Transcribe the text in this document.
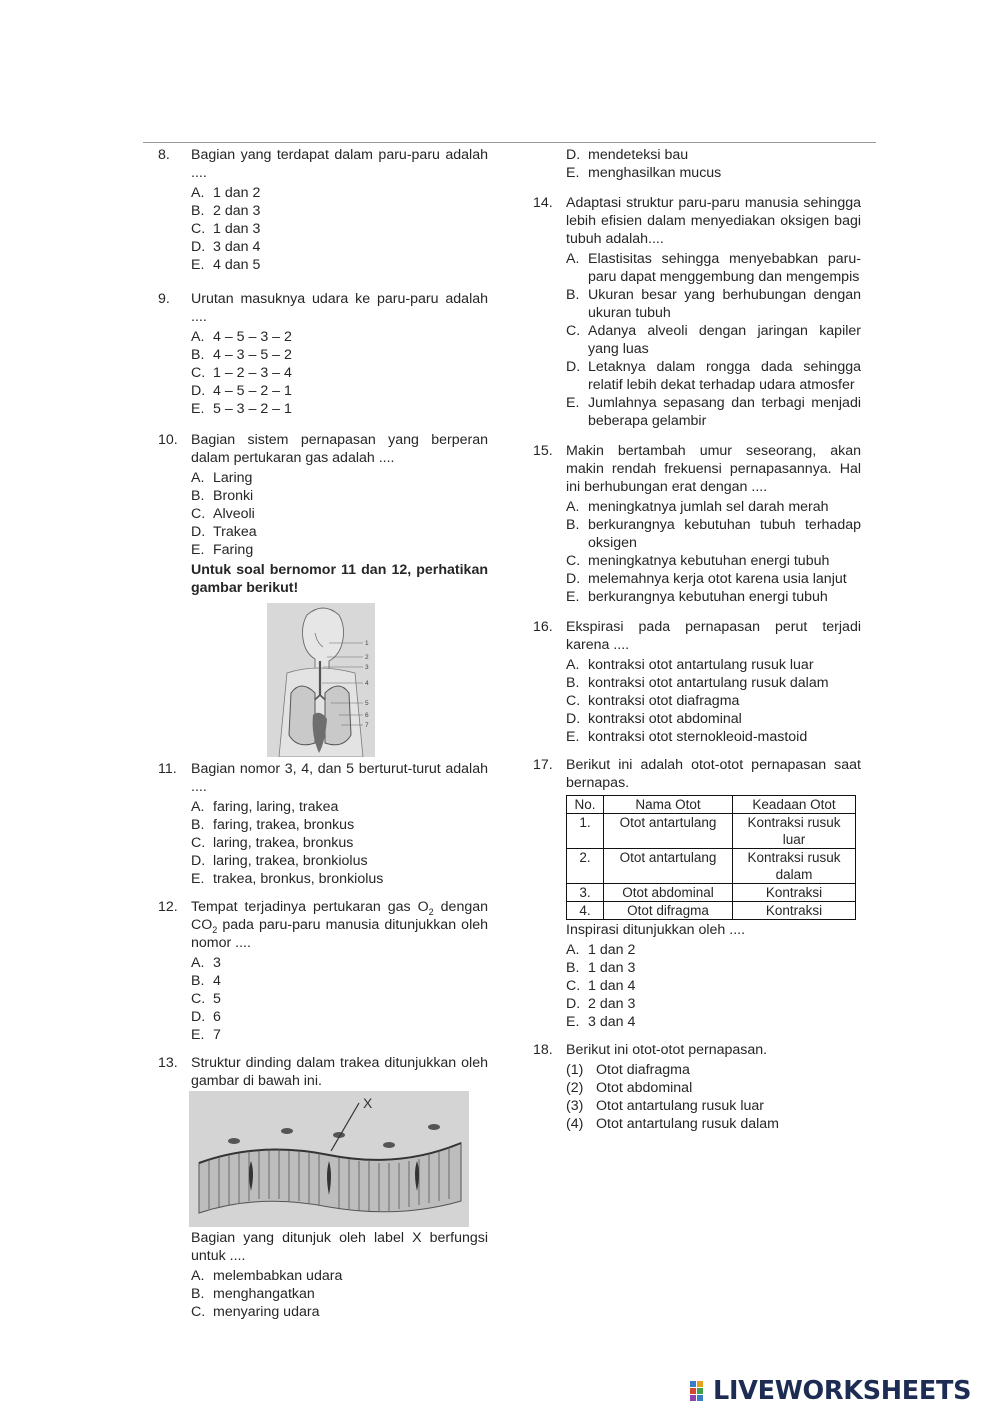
8. Bagian yang terdapat dalam paru-paru adalah ....
A. 1 dan 2
B. 2 dan 3
C. 1 dan 3
D. 3 dan 4
E. 4 dan 5
9. Urutan masuknya udara ke paru-paru adalah ....
A. 4 – 5 – 3 – 2
B. 4 – 3 – 5 – 2
C. 1 – 2 – 3 – 4
D. 4 – 5 – 2 – 1
E. 5 – 3 – 2 – 1
10. Bagian sistem pernapasan yang berperan dalam pertukaran gas adalah ....
A. Laring
B. Bronki
C. Alveoli
D. Trakea
E. Faring
Untuk soal bernomor 11 dan 12, perhatikan gambar berikut!
1
2
3
4
5
6
7
11. Bagian nomor 3, 4, dan 5 berturut-turut adalah ....
A. faring, laring, trakea
B. faring, trakea, bronkus
C. laring, trakea, bronkus
D. laring, trakea, bronkiolus
E. trakea, bronkus, bronkiolus
12. Tempat terjadinya pertukaran gas $O_2$ dengan $CO_2$ pada paru-paru manusia ditunjukkan oleh nomor ....
A. 3
B. 4
C. 5
D. 6
E. 7
13. Struktur dinding dalam trakea ditunjukkan oleh gambar di bawah ini.
X
Bagian yang ditunjuk oleh label X berfungsi untuk ....
A. melembabkan udara
B. menghangatkan
C. menyaring udara
D. mendeteksi bau
E. menghasilkan mucus
14. Adaptasi struktur paru-paru manusia sehingga lebih efisien dalam menyediakan oksigen bagi tubuh adalah....
A. Elastisitas sehingga menyebabkan paru-paru dapat menggembung dan mengempis
B. Ukuran besar yang berhubungan dengan ukuran tubuh
C. Adanya alveoli dengan jaringan kapiler yang luas
D. Letaknya dalam rongga dada sehingga relatif lebih dekat terhadap udara atmosfer
E. Jumlahnya sepasang dan terbagi menjadi beberapa gelambir
15. Makin bertambah umur seseorang, akan makin rendah frekuensi pernapasannya. Hal ini berhubungan erat dengan ....
A. meningkatnya jumlah sel darah merah
B. berkurangnya kebutuhan tubuh terhadap oksigen
C. meningkatnya kebutuhan energi tubuh
D. melemahnya kerja otot karena usia lanjut
E. berkurangnya kebutuhan energi tubuh
16. Ekspirasi pada pernapasan perut terjadi karena ....
A. kontraksi otot antartulang rusuk luar
B. kontraksi otot antartulang rusuk dalam
C. kontraksi otot diafragma
D. kontraksi otot abdominal
E. kontraksi otot sternokleoid-mastoid
17. Berikut ini adalah otot-otot pernapasan saat bernapas.
No.	Nama Otot	Keadaan Otot
1.	Otot antartulang	Kontraksi rusuk luar
2.	Otot antartulang	Kontraksi rusuk dalam
3.	Otot abdominal	Kontraksi
4.	Otot difragma	Kontraksi
Inspirasi ditunjukkan oleh ....
A. 1 dan 2
B. 1 dan 3
C. 1 dan 4
D. 2 dan 3
E. 3 dan 4
18. Berikut ini otot-otot pernapasan.
(1) Otot diafragma
(2) Otot abdominal
(3) Otot antartulang rusuk luar
(4) Otot antartulang rusuk dalam
LIVEWORKSHEETS
